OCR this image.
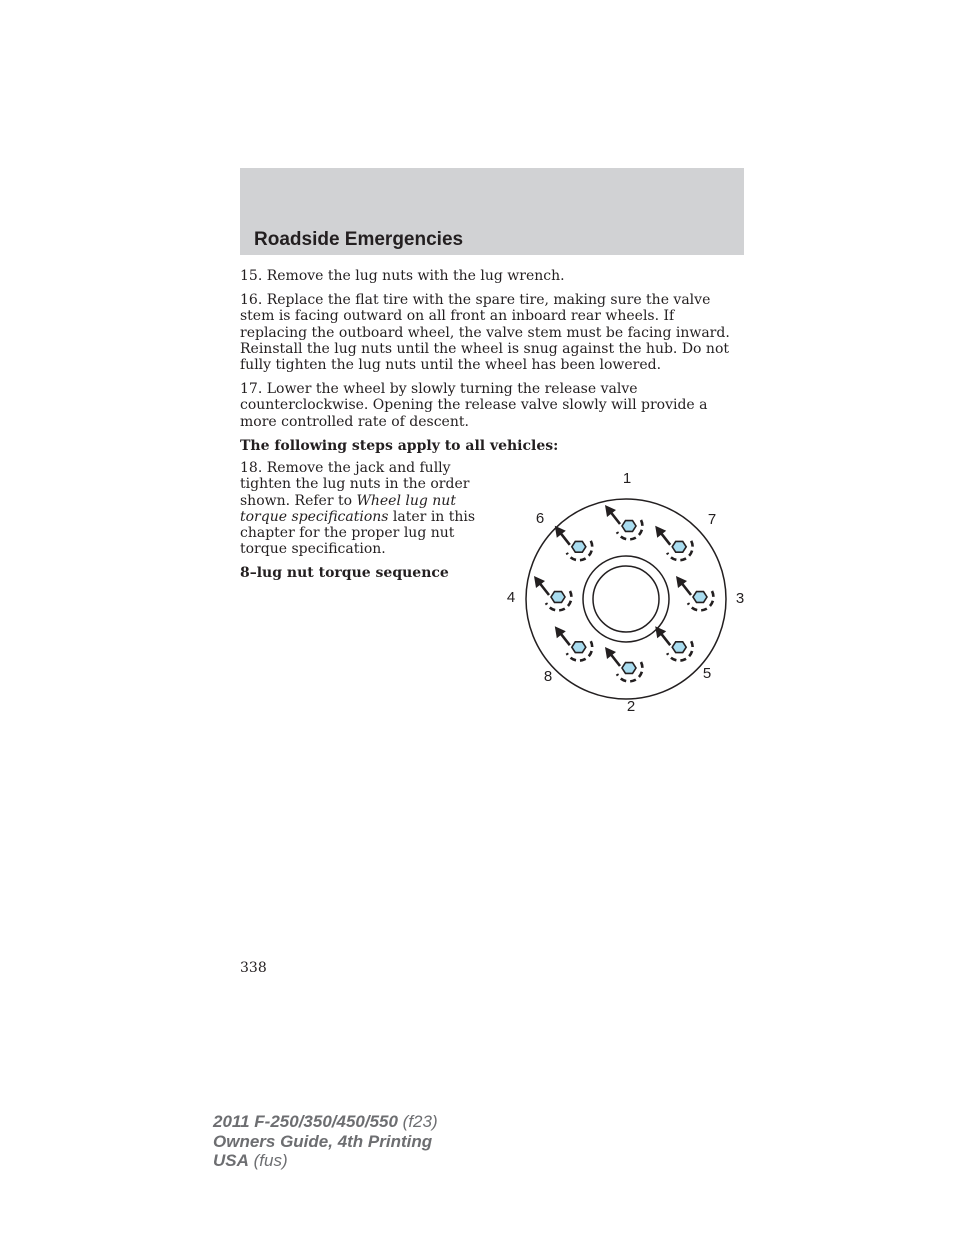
Roadside Emergencies

15. Remove the lug nuts with the lug wrench.

16. Replace the flat tire with the spare tire, making sure the valve stem is facing outward on all front an inboard rear wheels. If replacing the outboard wheel, the valve stem must be facing inward. Reinstall the lug nuts until the wheel is snug against the hub. Do not fully tighten the lug nuts until the wheel has been lowered.

17. Lower the wheel by slowly turning the release valve counterclockwise. Opening the release valve slowly will provide a more controlled rate of descent.

The following steps apply to all vehicles:

18. Remove the jack and fully tighten the lug nuts in the order shown. Refer to Wheel lug nut torque specifications later in this chapter for the proper lug nut torque specification.

8–lug nut torque sequence

1
2
3
4
5
6	7
8

338

2011 F-250/350/450/550 (f23)
Owners Guide, 4th Printing
USA (fus)
